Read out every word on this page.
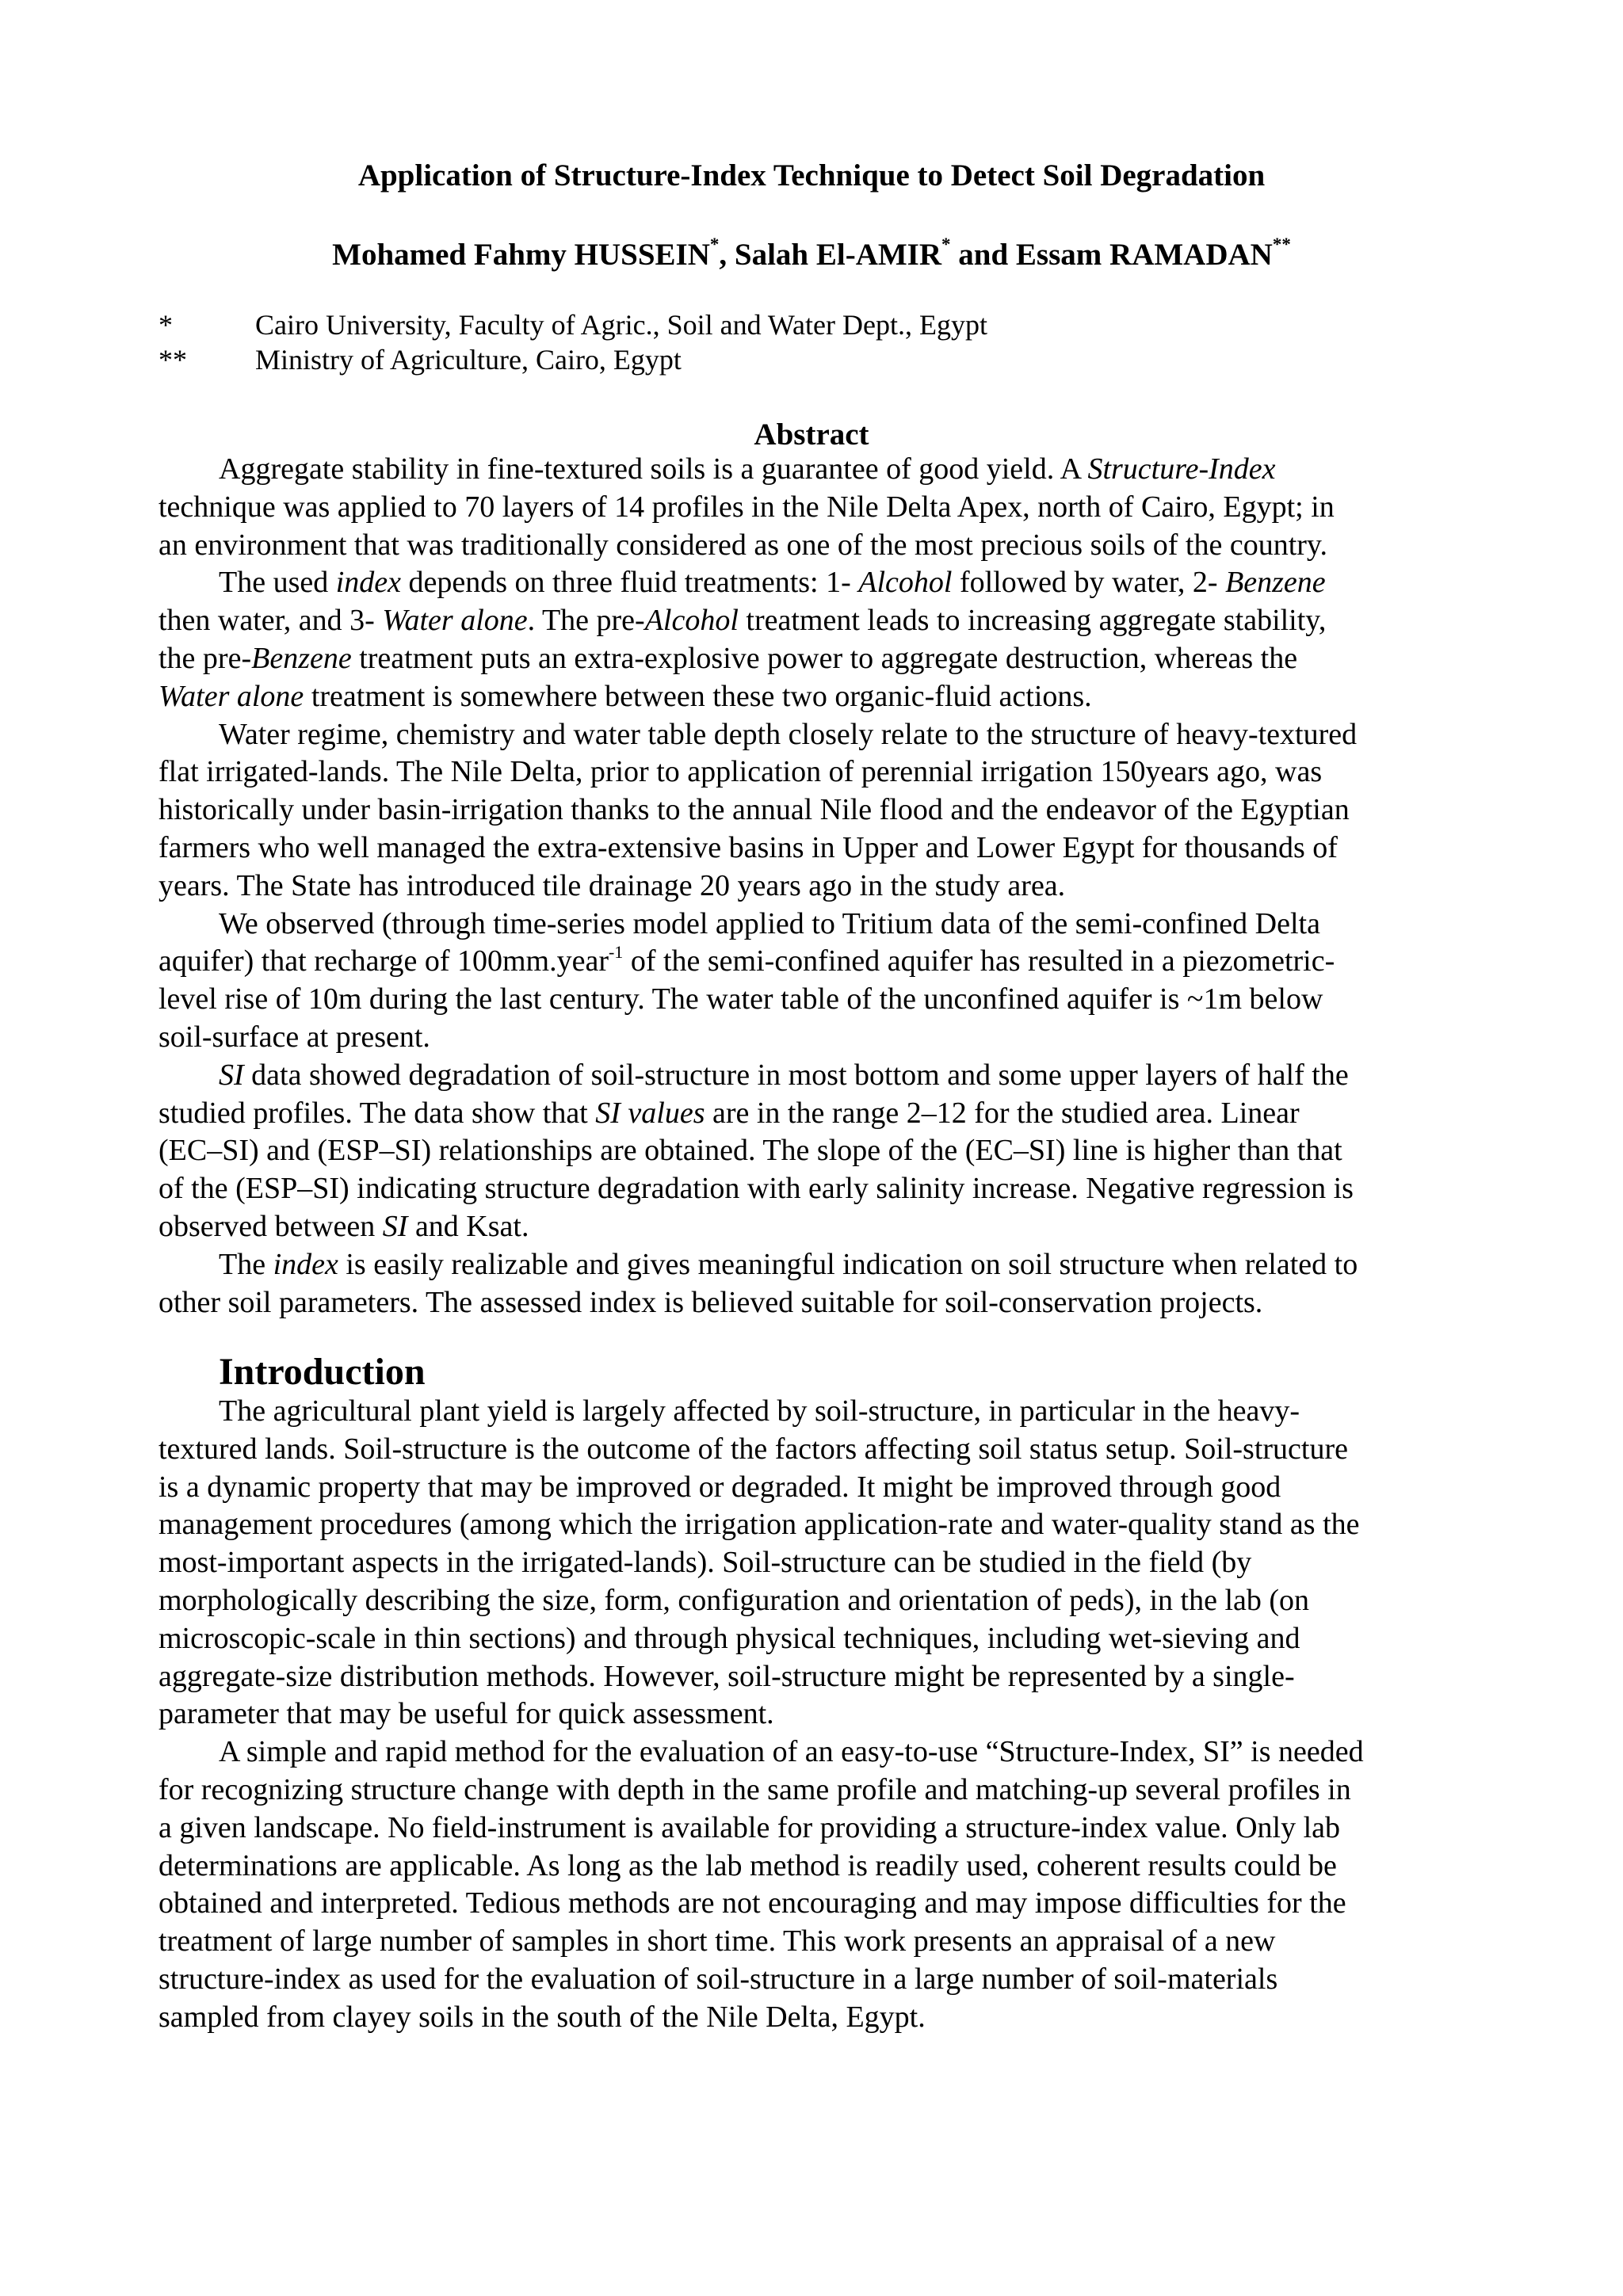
Application of Structure-Index Technique to Detect Soil Degradation
Mohamed Fahmy HUSSEIN*, Salah El-AMIR* and Essam RAMADAN**
*	Cairo University, Faculty of Agric., Soil and Water Dept., Egypt
** Ministry of Agriculture, Cairo, Egypt
Abstract
Aggregate stability in fine-textured soils is a guarantee of good yield. A Structure-Index
technique was applied to 70 layers of 14 profiles in the Nile Delta Apex, north of Cairo, Egypt; in
an environment that was traditionally considered as one of the most precious soils of the country.
The used index depends on three fluid treatments: 1- Alcohol followed by water, 2- Benzene
then water, and 3- Water alone. The pre-Alcohol treatment leads to increasing aggregate stability,
the pre-Benzene treatment puts an extra-explosive power to aggregate destruction, whereas the
Water alone treatment is somewhere between these two organic-fluid actions.
Water regime, chemistry and water table depth closely relate to the structure of heavy-textured
flat irrigated-lands. The Nile Delta, prior to application of perennial irrigation 150years ago, was
historically under basin-irrigation thanks to the annual Nile flood and the endeavor of the Egyptian
farmers who well managed the extra-extensive basins in Upper and Lower Egypt for thousands of
years. The State has introduced tile drainage 20 years ago in the study area.
We observed (through time-series model applied to Tritium data of the semi-confined Delta
aquifer) that recharge of 100mm.year$^{-1}$ of the semi-confined aquifer has resulted in a piezometric-
level rise of 10m during the last century. The water table of the unconfined aquifer is ~1m below
soil-surface at present.
SI data showed degradation of soil-structure in most bottom and some upper layers of half the
studied profiles. The data show that SI values are in the range 2–12 for the studied area. Linear
(EC–SI) and (ESP–SI) relationships are obtained. The slope of the (EC–SI) line is higher than that
of the (ESP–SI) indicating structure degradation with early salinity increase. Negative regression is
observed between SI and Ksat.
The index is easily realizable and gives meaningful indication on soil structure when related to
other soil parameters. The assessed index is believed suitable for soil-conservation projects.
Introduction
The agricultural plant yield is largely affected by soil-structure, in particular in the heavy-
textured lands. Soil-structure is the outcome of the factors affecting soil status setup. Soil-structure
is a dynamic property that may be improved or degraded. It might be improved through good
management procedures (among which the irrigation application-rate and water-quality stand as the
most-important aspects in the irrigated-lands). Soil-structure can be studied in the field (by
morphologically describing the size, form, configuration and orientation of peds), in the lab (on
microscopic-scale in thin sections) and through physical techniques, including wet-sieving and
aggregate-size distribution methods. However, soil-structure might be represented by a single-
parameter that may be useful for quick assessment.
A simple and rapid method for the evaluation of an easy-to-use “Structure-Index, SI” is needed
for recognizing structure change with depth in the same profile and matching-up several profiles in
a given landscape. No field-instrument is available for providing a structure-index value. Only lab
determinations are applicable. As long as the lab method is readily used, coherent results could be
obtained and interpreted. Tedious methods are not encouraging and may impose difficulties for the
treatment of large number of samples in short time. This work presents an appraisal of a new
structure-index as used for the evaluation of soil-structure in a large number of soil-materials
sampled from clayey soils in the south of the Nile Delta, Egypt.
